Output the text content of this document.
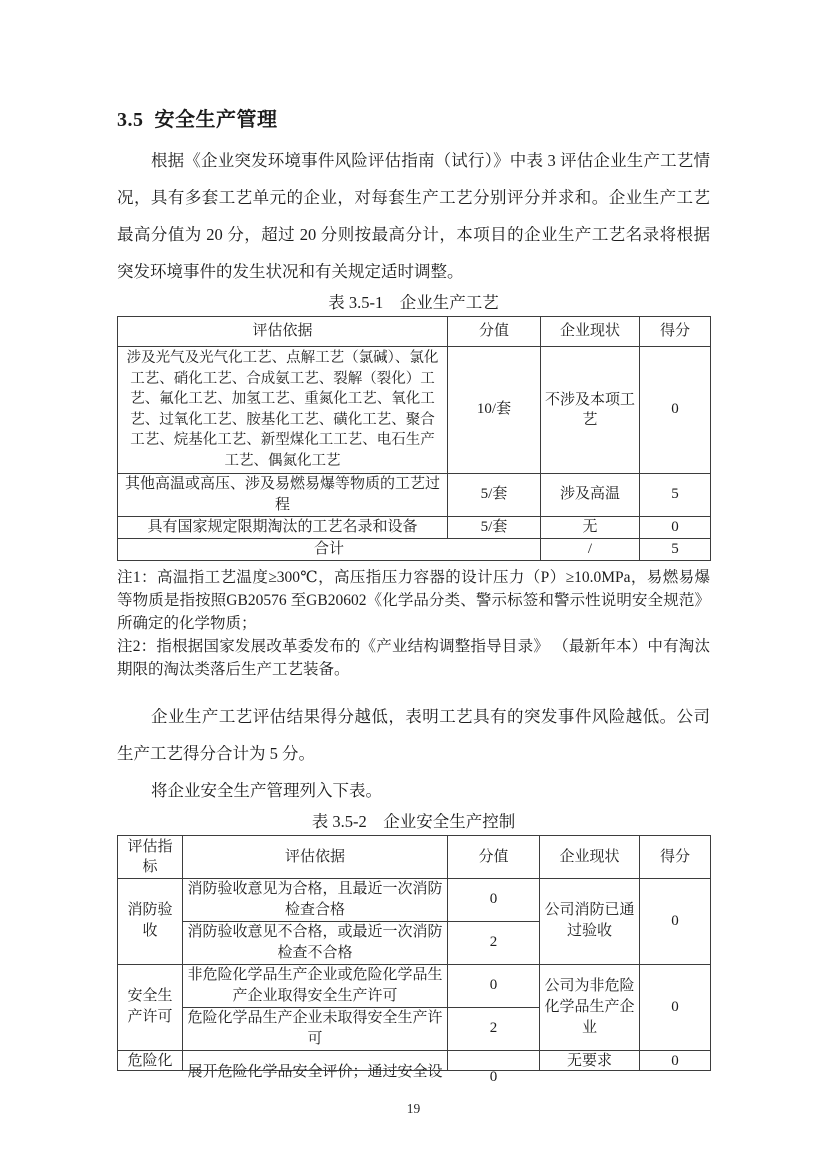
3.5  安全生产管理

根据《企业突发环境事件风险评估指南（试行）》中表 3 评估企业生产工艺情况，具有多套工艺单元的企业，对每套生产工艺分别评分并求和。企业生产工艺最高分值为 20 分，超过 20 分则按最高分计，本项目的企业生产工艺名录将根据突发环境事件的发生状况和有关规定适时调整。

表 3.5-1　企业生产工艺
评估依据	分值	企业现状	得分
涉及光气及光气化工艺、点解工艺（氯碱）、氯化工艺、硝化工艺、合成氨工艺、裂解（裂化）工艺、氟化工艺、加氢工艺、重氮化工艺、氧化工艺、过氧化工艺、胺基化工艺、磺化工艺、聚合工艺、烷基化工艺、新型煤化工工艺、电石生产工艺、偶氮化工艺	10/套	不涉及本项工艺	0
其他高温或高压、涉及易燃易爆等物质的工艺过程	5/套	涉及高温	5
具有国家规定限期淘汰的工艺名录和设备	5/套	无	0
合计		/	5

注1：高温指工艺温度≥300℃，高压指压力容器的设计压力（P）≥10.0MPa，易燃易爆等物质是指按照GB20576 至GB20602《化学品分类、警示标签和警示性说明安全规范》所确定的化学物质；

注2：指根据国家发展改革委发布的《产业结构调整指导目录》 （最新年本）中有淘汰期限的淘汰类落后生产工艺装备。

企业生产工艺评估结果得分越低，表明工艺具有的突发事件风险越低。公司生产工艺得分合计为 5 分。

将企业安全生产管理列入下表。

表 3.5-2　企业安全生产控制
评估指标	评估依据	分值	企业现状	得分
消防验收	消防验收意见为合格，且最近一次消防检查合格	0	公司消防已通过验收	0
	消防验收意见不合格，或最近一次消防检查不合格	2		
安全生产许可	非危险化学品生产企业或危险化学品生产企业取得安全生产许可	0	公司为非危险化学品生产企业	0
	危险化学品生产企业未取得安全生产许可	2		
危险化	展开危险化学品安全评价；通过安全设	0	无要求	0
19
